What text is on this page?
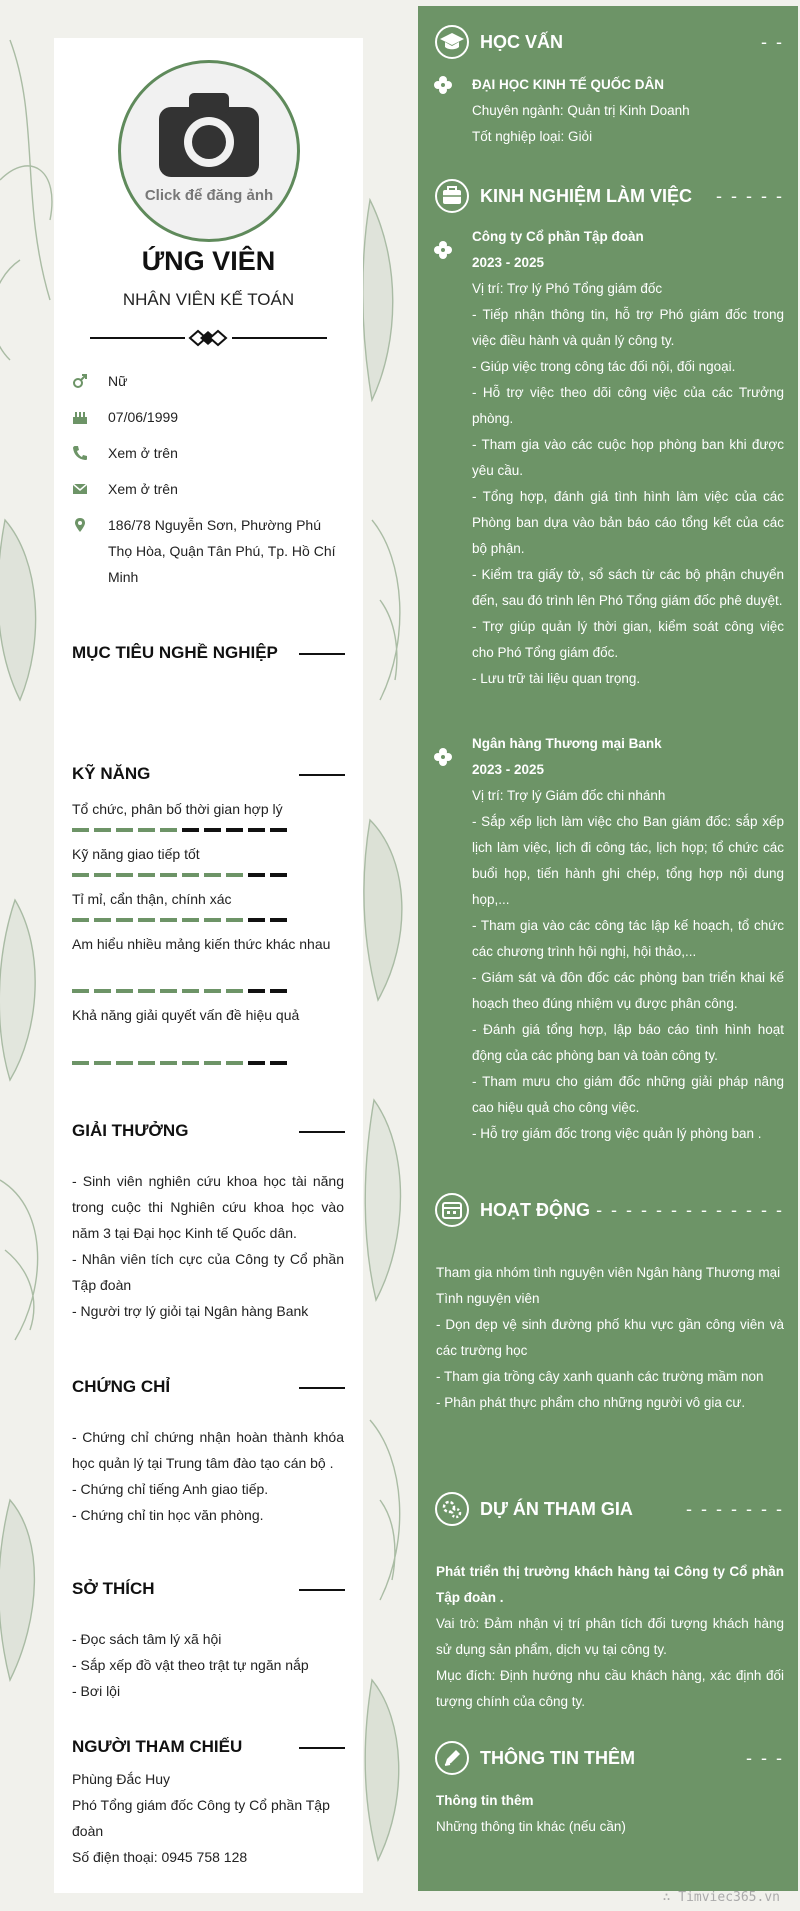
Click để đăng ảnh
ỨNG VIÊN
NHÂN VIÊN KẾ TOÁN
Nữ
07/06/1999
Xem ở trên
Xem ở trên
186/78 Nguyễn Sơn, Phường Phú Thọ Hòa, Quận Tân Phú, Tp. Hồ Chí Minh
MỤC TIÊU NGHỀ NGHIỆP
KỸ NĂNG
Tổ chức, phân bố thời gian hợp lý
Kỹ năng giao tiếp tốt
Tỉ mỉ, cẩn thận, chính xác
Am hiểu nhiều mảng kiến thức khác nhau
Khả năng giải quyết vấn đề hiệu quả
GIẢI THƯỞNG
- Sinh viên nghiên cứu khoa học tài năng trong cuộc thi Nghiên cứu khoa học vào năm 3 tại Đại học Kinh tế Quốc dân.
- Nhân viên tích cực của Công ty Cổ phần Tập đoàn
- Người trợ lý giỏi tại Ngân hàng Bank
CHỨNG CHỈ
- Chứng chỉ chứng nhận hoàn thành khóa học quản lý tại Trung tâm đào tạo cán bộ .
- Chứng chỉ tiếng Anh giao tiếp.
- Chứng chỉ tin học văn phòng.
SỞ THÍCH
- Đọc sách tâm lý xã hội
- Sắp xếp đồ vật theo trật tự ngăn nắp
- Bơi lội
NGƯỜI THAM CHIẾU
Phùng Đắc Huy
Phó Tổng giám đốc Công ty Cổ phần Tập đoàn
Số điện thoại: 0945 758 128
HỌC VẤN	- -
ĐẠI HỌC KINH TẾ QUỐC DÂN
Chuyên ngành: Quản trị Kinh Doanh
Tốt nghiệp loại: Giỏi
KINH NGHIỆM LÀM VIỆC - - - - -
Công ty Cổ phần Tập đoàn
2023 - 2025
Vị trí: Trợ lý Phó Tổng giám đốc
- Tiếp nhận thông tin, hỗ trợ Phó giám đốc trong việc điều hành và quản lý công ty.
- Giúp việc trong công tác đối nội, đối ngoại.
- Hỗ trợ việc theo dõi công việc của các Trưởng phòng.
- Tham gia vào các cuộc họp phòng ban khi được yêu cầu.
- Tổng hợp, đánh giá tình hình làm việc của các Phòng ban dựa vào bản báo cáo tổng kết của các bộ phận.
- Kiểm tra giấy tờ, sổ sách từ các bộ phận chuyển đến, sau đó trình lên Phó Tổng giám đốc phê duyệt.
- Trợ giúp quản lý thời gian, kiểm soát công việc cho Phó Tổng giám đốc.
- Lưu trữ tài liệu quan trọng.
Ngân hàng Thương mại Bank
2023 - 2025
Vị trí: Trợ lý Giám đốc chi nhánh
- Sắp xếp lịch làm việc cho Ban giám đốc: sắp xếp lịch làm việc, lịch đi công tác, lịch họp; tổ chức các buổi họp, tiến hành ghi chép, tổng hợp nội dung họp,...
- Tham gia vào các công tác lập kế hoạch, tổ chức các chương trình hội nghị, hội thảo,...
- Giám sát và đôn đốc các phòng ban triển khai kế hoạch theo đúng nhiệm vụ được phân công.
- Đánh giá tổng hợp, lập báo cáo tình hình hoạt động của các phòng ban và toàn công ty.
- Tham mưu cho giám đốc những giải pháp nâng cao hiệu quả cho công việc.
- Hỗ trợ giám đốc trong việc quản lý phòng ban .
HOẠT ĐỘNG - - - - - - - - - - - - -
Tham gia nhóm tình nguyện viên Ngân hàng Thương mại
Tình nguyện viên
- Dọn dẹp vệ sinh đường phố khu vực gần công viên và các trường học
- Tham gia trồng cây xanh quanh các trường mầm non
- Phân phát thực phẩm cho những người vô gia cư.
DỰ ÁN THAM GIA	- - - - - - -
Phát triển thị trường khách hàng tại Công ty Cổ phần Tập đoàn .
Vai trò: Đảm nhận vị trí phân tích đối tượng khách hàng sử dụng sản phẩm, dịch vụ tại công ty.
Mục đích: Định hướng nhu cầu khách hàng, xác định đối tượng chính của công ty.
THÔNG TIN THÊM	- - -
Thông tin thêm
Những thông tin khác (nếu cần)
∴ Timviec365.vn
